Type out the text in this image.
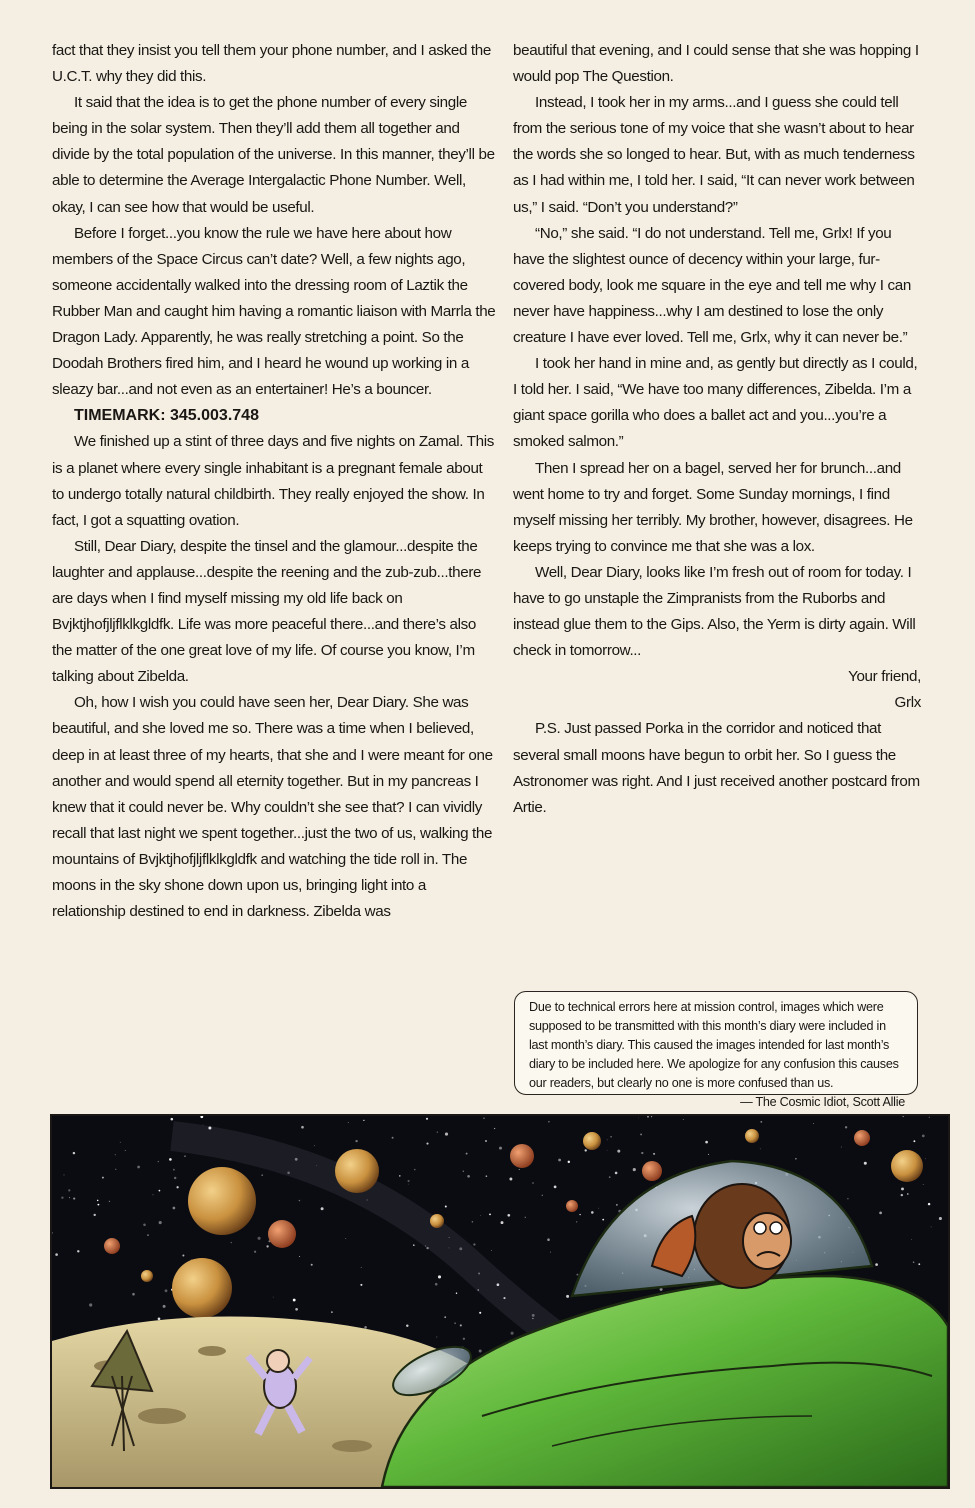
fact that they insist you tell them your phone number, and I asked the U.C.T. why they did this.

It said that the idea is to get the phone number of every single being in the solar system. Then they’ll add them all together and divide by the total population of the universe. In this manner, they’ll be able to determine the Average Intergalactic Phone Number. Well, okay, I can see how that would be useful.

Before I forget...you know the rule we have here about how members of the Space Circus can’t date? Well, a few nights ago, someone accidentally walked into the dressing room of Laztik the Rubber Man and caught him having a romantic liaison with Marrla the Dragon Lady. Apparently, he was really stretching a point. So the Doodah Brothers fired him, and I heard he wound up working in a sleazy bar...and not even as an entertainer! He’s a bouncer.

TIMEMARK: 345.003.748

We finished up a stint of three days and five nights on Zamal. This is a planet where every single inhabitant is a pregnant female about to undergo totally natural childbirth. They really enjoyed the show. In fact, I got a squatting ovation.

Still, Dear Diary, despite the tinsel and the glamour...despite the laughter and applause...despite the reening and the zub-zub...there are days when I find myself missing my old life back on Bvjktjhofjljflklkgldfk. Life was more peaceful there...and there’s also the matter of the one great love of my life. Of course you know, I’m talking about Zibelda.

Oh, how I wish you could have seen her, Dear Diary. She was beautiful, and she loved me so. There was a time when I believed, deep in at least three of my hearts, that she and I were meant for one another and would spend all eternity together. But in my pancreas I knew that it could never be. Why couldn’t she see that? I can vividly recall that last night we spent together...just the two of us, walking the mountains of Bvjktjhofjljflklkgldfk and watching the tide roll in. The moons in the sky shone down upon us, bringing light into a relationship destined to end in darkness. Zibelda was

beautiful that evening, and I could sense that she was hopping I would pop The Question.

Instead, I took her in my arms...and I guess she could tell from the serious tone of my voice that she wasn’t about to hear the words she so longed to hear. But, with as much tenderness as I had within me, I told her. I said, “It can never work between us,” I said. “Don’t you understand?”

“No,” she said. “I do not understand. Tell me, Grlx! If you have the slightest ounce of decency within your large, fur-covered body, look me square in the eye and tell me why I can never have happiness...why I am destined to lose the only creature I have ever loved. Tell me, Grlx, why it can never be.”

I took her hand in mine and, as gently but directly as I could, I told her. I said, “We have too many differences, Zibelda. I’m a giant space gorilla who does a ballet act and you...you’re a smoked salmon.”

Then I spread her on a bagel, served her for brunch...and went home to try and forget. Some Sunday mornings, I find myself missing her terribly. My brother, however, disagrees. He keeps trying to convince me that she was a lox.

Well, Dear Diary, looks like I’m fresh out of room for today. I have to go unstaple the Zimpranists from the Ruborbs and instead glue them to the Gips. Also, the Yerm is dirty again. Will check in tomorrow...

Your friend,

Grlx

P.S. Just passed Porka in the corridor and noticed that several small moons have begun to orbit her. So I guess the Astronomer was right. And I just received another postcard from Artie.

Due to technical errors here at mission control, images which were supposed to be transmitted with this month’s diary were included in last month’s diary. This caused the images intended for last month’s diary to be included here. We apologize for any confusion this causes our readers, but clearly no one is more confused than us.
— The Cosmic Idiot, Scott Allie
